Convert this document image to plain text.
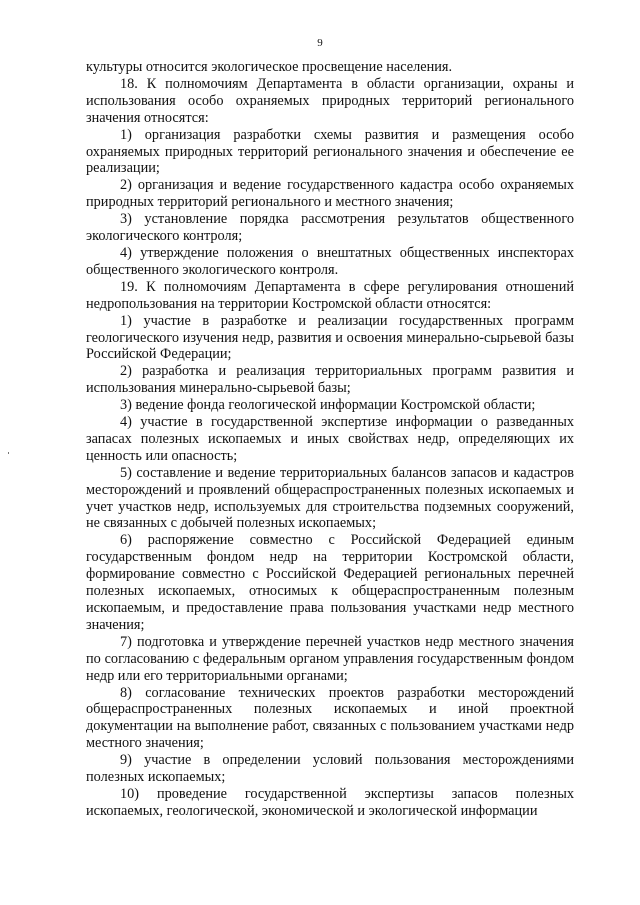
9

культуры относится экологическое просвещение населения.

18. К полномочиям Департамента в области организации, охраны и использования особо охраняемых природных территорий регионального значения относятся:

1) организация разработки схемы развития и размещения особо охраняемых природных территорий регионального значения и обеспечение ее реализации;

2) организация и ведение государственного кадастра особо охраняемых природных территорий регионального и местного значения;

3) установление порядка рассмотрения результатов общественного экологического контроля;

4) утверждение положения о внештатных общественных инспекторах общественного экологического контроля.

19. К полномочиям Департамента в сфере регулирования отношений недропользования на территории Костромской области относятся:

1) участие в разработке и реализации государственных программ геологического изучения недр, развития и освоения минерально-сырьевой базы Российской Федерации;

2) разработка и реализация территориальных программ развития и использования минерально-сырьевой базы;

3) ведение фонда геологической информации Костромской области;

4) участие в государственной экспертизе информации о разведанных запасах полезных ископаемых и иных свойствах недр, определяющих их ценность или опасность;

5) составление и ведение территориальных балансов запасов и кадастров месторождений и проявлений общераспространенных полезных ископаемых и учет участков недр, используемых для строительства подземных сооружений, не связанных с добычей полезных ископаемых;

6) распоряжение совместно с Российской Федерацией единым государственным фондом недр на территории Костромской области, формирование совместно с Российской Федерацией региональных перечней полезных ископаемых, относимых к общераспространенным полезным ископаемым, и предоставление права пользования участками недр местного значения;

7) подготовка и утверждение перечней участков недр местного значения по согласованию с федеральным органом управления государственным фондом недр или его территориальными органами;

8) согласование технических проектов разработки месторождений общераспространенных полезных ископаемых и иной проектной документации на выполнение работ, связанных с пользованием участками недр местного значения;

9) участие в определении условий пользования месторождениями полезных ископаемых;

10) проведение государственной экспертизы запасов полезных ископаемых, геологической, экономической и экологической информации
